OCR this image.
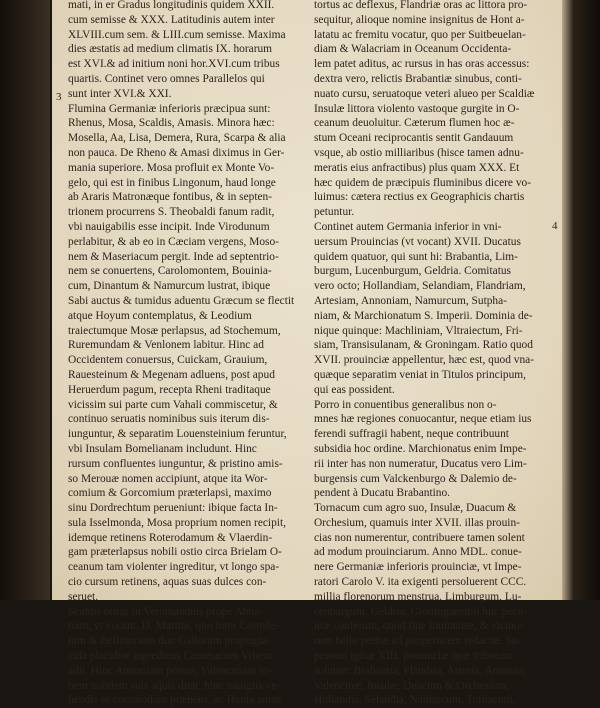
mati, in er Gradus longitudinis quidem XXII.
cum semisse & XXX. Latitudinis autem inter
XLVIII.cum sem. & LIII.cum semisse. Maxima
dies æstatis ad medium climatis IX. horarum
est XVI.& ad initium noni hor.XVI.cum tribus
quartis. Continet vero omnes Parallelos qui
sunt inter XVI.& XXI.
Flumina Germaniæ inferioris præcipua sunt:
Rhenus, Mosa, Scaldis, Amasis. Minora hæc:
Mosella, Aa, Lisa, Demera, Rura, Scarpa & alia
non pauca. De Rheno & Amasi diximus in Ger-
mania superiore. Mosa profluit ex Monte Vo-
gelo, qui est in finibus Lingonum, haud longe
ab Araris Matronæque fontibus, & in septen-
trionem procurrens S. Theobaldi fanum radit,
vbi nauigabilis esse incipit. Inde Virodunum
perlabitur, & ab eo in Cæciam vergens, Moso-
nem & Maseriacum pergit. Inde ad septentrio-
nem se conuertens, Carolomontem, Bouinia-
cum, Dinantum & Namurcum lustrat, ibique
Sabi auctus & tumidus aduentu Græcum se flectit
atque Hoyum contemplatus, & Leodium
traiectumque Mosæ perlapsus, ad Stochemum,
Ruremundam & Venlonem labitur. Hinc ad
Occidentem conuersus, Cuickam, Grauium,
Rauesteinum & Megenam adluens, post apud
Heruerdum pagum, recepta Rheni traditaque
vicissim sui parte cum Vahali commiscetur, &
continuo seruatis nominibus suis iterum dis-
iunguntur, & separatim Louensteinium feruntur,
vbi Insulam Bomelianam includunt. Hinc
rursum confluentes iunguntur, & pristino amis-
so Merouæ nomen accipiunt, atque ita Wor-
comium & Gorcomium præterlapsi, maximo
sinu Dordrechtum perueniunt: ibique facta In-
sula Isselmonda, Mosa proprium nomen recipit,
idemque retinens Roterodamum & Vlaerdin-
gam præterlapsus nobili ostio circa Brielam O-
ceanum tam violenter ingreditur, vt longo spa-
cio cursum retinens, aquas suas dulces con-
seruet.
Scaldis oritur in Veromanduis prope Abba-
tiam, vt vocant, D. Martini, quo inter Castelle-
tum & Bellinorium duo Gallorum propugna-
cula placidior ingrediens Cameracum Vrbem
adit. Hinc Annoniam petens, Valencenam vr-
bem nobilem suis aquis ditat, hinc nauigiis ve-
hendis se commodum præbens, ac Hania amne
tortus ac deflexus, Flandriæ oras ac littora pro-
sequitur, alioque nomine insignitus de Hont a-
latatu ac fremitu vocatur, quo per Suitbeuelan-
diam & Walacriam in Oceanum Occidenta-
lem patet aditus, ac rursus in has oras accessus:
dextra vero, relictis Brabantiæ sinubus, conti-
nuato cursu, seruatoque veteri alueo per Scaldiæ
Insulæ littora violento vastoque gurgite in O-
ceanum deuoluitur. Cæterum flumen hoc æ-
stum Oceani reciprocantis sentit Gandauum
vsque, ab ostio milliaribus (hisce tamen adnu-
meratis eius anfractibus) plus quam XXX. Et
hæc quidem de præcipuis fluminibus dicere vo-
luimus: cætera rectius ex Geographicis chartis
petuntur.
Continet autem Germania inferior in vni-
uersum Prouincias (vt vocant) XVII. Ducatus
quidem quatuor, qui sunt hi: Brabantia, Lim-
burgum, Lucenburgum, Geldria. Comitatus
vero octo; Hollandiam, Selandiam, Flandriam,
Artesiam, Annoniam, Namurcum, Sutpha-
niam, & Marchionatum S. Imperii. Dominia de-
nique quinque: Machliniam, Vltraiectum, Fri-
siam, Transisulanam, & Groningam. Ratio quod
XVII. prouinciæ appellentur, hæc est, quod vna-
quæque separatim veniat in Titulos principum,
qui eas possident.
Porro in conuentibus generalibus non o-
mnes hæ regiones conuocantur, neque etiam ius
ferendi suffragii habent, neque contribuunt
subsidia hoc ordine. Marchionatus enim Impe-
rii inter has non numeratur, Ducatus vero Lim-
burgensis cum Valckenburgo & Dalemio de-
pendent à Ducatu Brabantino.
Tornacum cum agro suo, Insulæ, Duacum &
Orchesium, quamuis inter XVII. illas prouin-
cias non numerentur, contribuere tamen solent
ad modum prouinciarum. Anno MDL. conue-
nere Germaniæ inferioris prouinciæ, vt Impe-
ratori Carolo V. ita exigenti persoluerent CCC.
millia florenorum menstrua. Limburgum, Lu-
cenburgum, Geldria, Groningaenihil huc pecu-
niæ conferunt, quod fine limitaneæ, & vicino-
rum bello petitæ ad paupertatem redactæ. Su-
persunt igitur XIII. prouinciæ quæ tributum
soluunt: Brabantia, Flandria, Artesia, Annonia,
Valencinæ, Insulæ, Duacum & Orchesium,
Hollandia, Selandia, Namurcum, Tornacum,
3
4
